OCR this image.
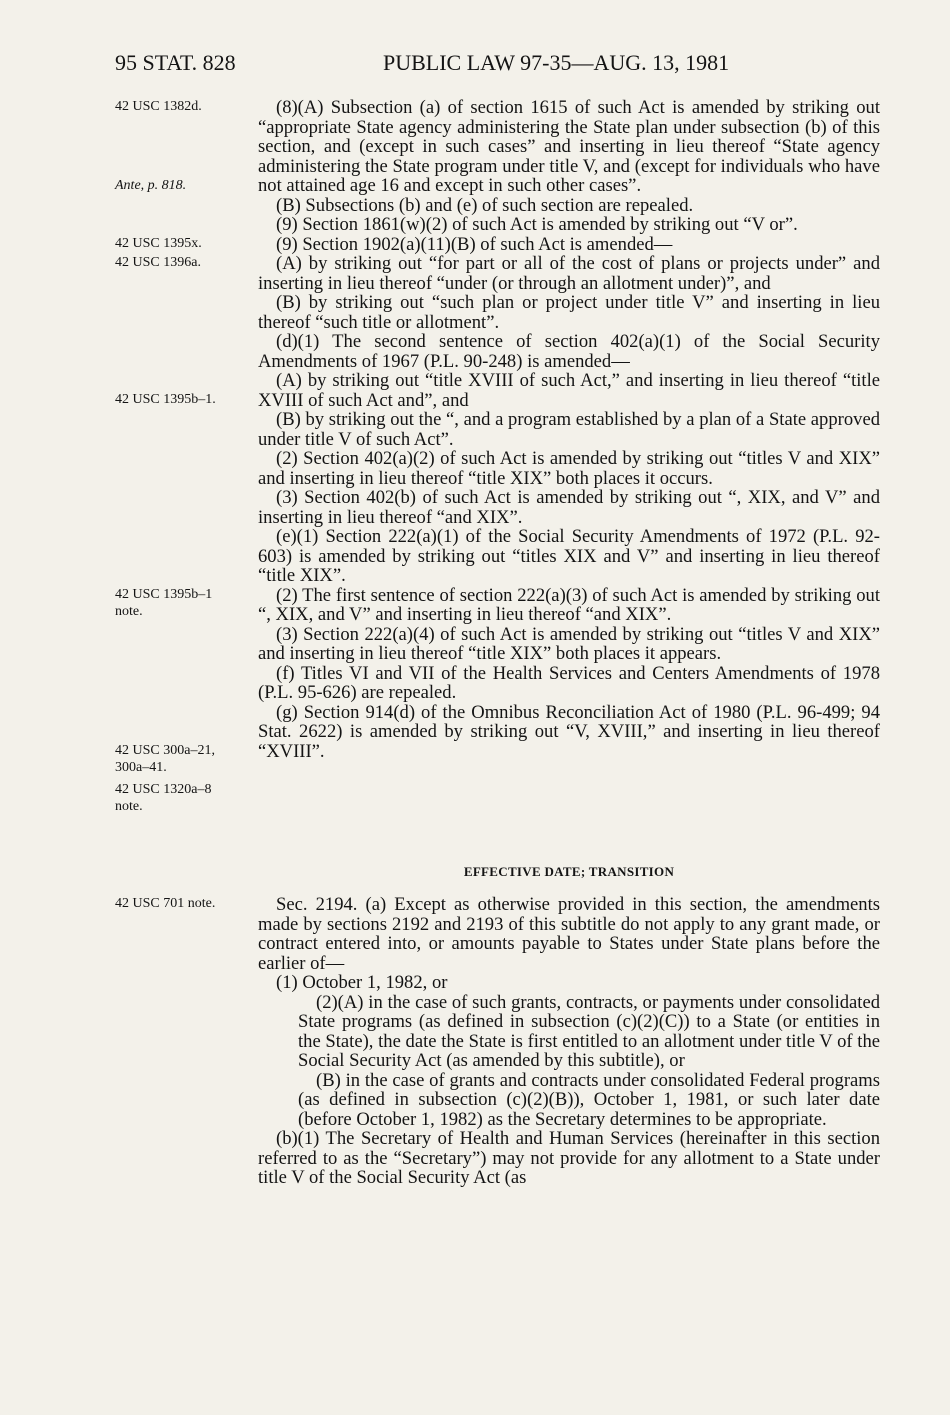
95 STAT. 828	PUBLIC LAW 97-35—AUG. 13, 1981
42 USC 1382d.
Ante, p. 818.
42 USC 1395x.
42 USC 1396a.
42 USC 1395b–1.
42 USC 1395b–1 note.
42 USC 300a–21, 300a–41.
42 USC 1320a–8 note.
42 USC 701 note.

(8)(A) Subsection (a) of section 1615 of such Act is amended by striking out “appropriate State agency administering the State plan under subsection (b) of this section, and (except in such cases” and inserting in lieu thereof “State agency administering the State program under title V, and (except for individuals who have not attained age 16 and except in such other cases”.

(B) Subsections (b) and (e) of such section are repealed.

(9) Section 1861(w)(2) of such Act is amended by striking out “V or”.

(9) Section 1902(a)(11)(B) of such Act is amended—

(A) by striking out “for part or all of the cost of plans or projects under” and inserting in lieu thereof “under (or through an allotment under)”, and

(B) by striking out “such plan or project under title V” and inserting in lieu thereof “such title or allotment”.

(d)(1) The second sentence of section 402(a)(1) of the Social Security Amendments of 1967 (P.L. 90-248) is amended—

(A) by striking out “title XVIII of such Act,” and inserting in lieu thereof “title XVIII of such Act and”, and

(B) by striking out the “, and a program established by a plan of a State approved under title V of such Act”.

(2) Section 402(a)(2) of such Act is amended by striking out “titles V and XIX” and inserting in lieu thereof “title XIX” both places it occurs.

(3) Section 402(b) of such Act is amended by striking out “, XIX, and V” and inserting in lieu thereof “and XIX”.

(e)(1) Section 222(a)(1) of the Social Security Amendments of 1972 (P.L. 92-603) is amended by striking out “titles XIX and V” and inserting in lieu thereof “title XIX”.

(2) The first sentence of section 222(a)(3) of such Act is amended by striking out “, XIX, and V” and inserting in lieu thereof “and XIX”.

(3) Section 222(a)(4) of such Act is amended by striking out “titles V and XIX” and inserting in lieu thereof “title XIX” both places it appears.

(f) Titles VI and VII of the Health Services and Centers Amendments of 1978 (P.L. 95-626) are repealed.

(g) Section 914(d) of the Omnibus Reconciliation Act of 1980 (P.L. 96-499; 94 Stat. 2622) is amended by striking out “V, XVIII,” and inserting in lieu thereof “XVIII”.

EFFECTIVE DATE; TRANSITION

Sec. 2194. (a) Except as otherwise provided in this section, the amendments made by sections 2192 and 2193 of this subtitle do not apply to any grant made, or contract entered into, or amounts payable to States under State plans before the earlier of—

(1) October 1, 1982, or

(2)(A) in the case of such grants, contracts, or payments under consolidated State programs (as defined in subsection (c)(2)(C)) to a State (or entities in the State), the date the State is first entitled to an allotment under title V of the Social Security Act (as amended by this subtitle), or

(B) in the case of grants and contracts under consolidated Federal programs (as defined in subsection (c)(2)(B)), October 1, 1981, or such later date (before October 1, 1982) as the Secretary determines to be appropriate.

(b)(1) The Secretary of Health and Human Services (hereinafter in this section referred to as the “Secretary”) may not provide for any allotment to a State under title V of the Social Security Act (as
